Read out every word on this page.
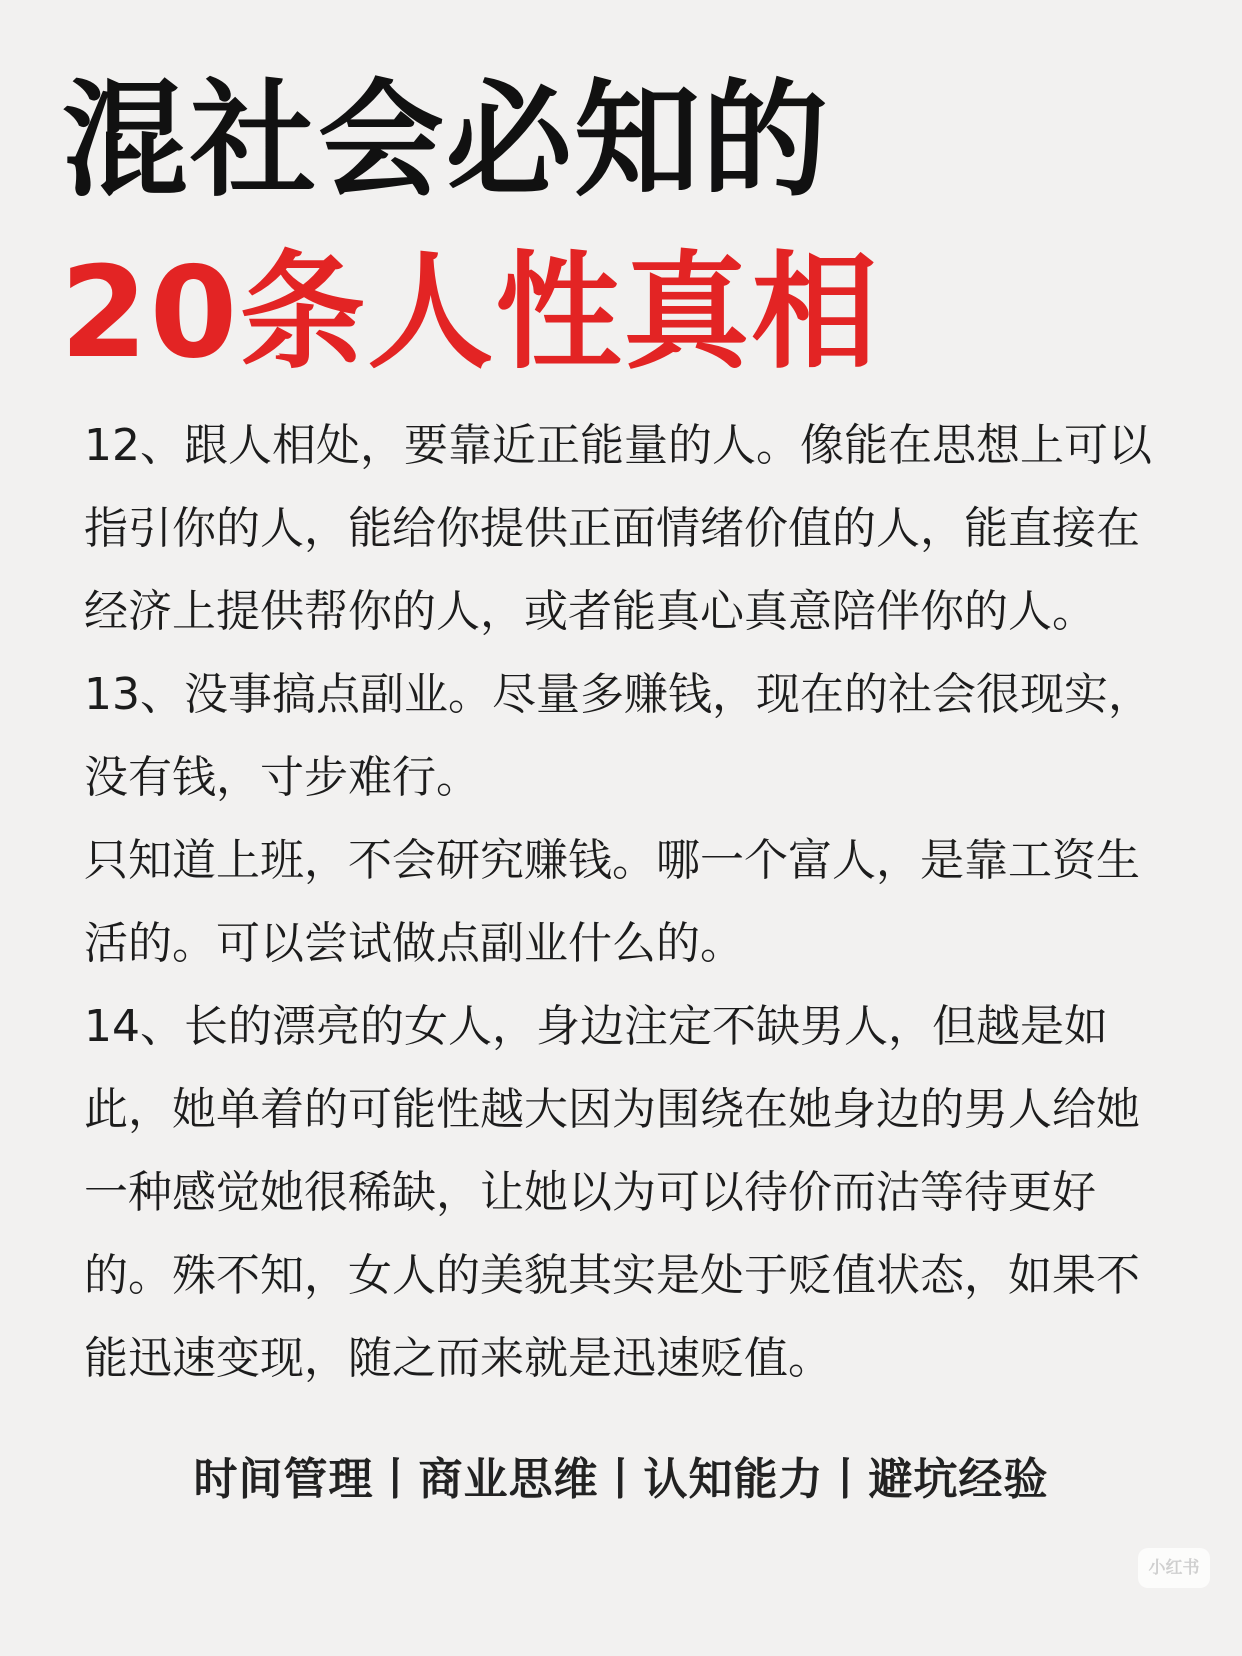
混社会必知的
20条人性真相

12、跟人相处，要靠近正能量的人。像能在思想上可以指引你的人，能给你提供正面情绪价值的人，能直接在经济上提供帮你的人，或者能真心真意陪伴你的人。

13、没事搞点副业。尽量多赚钱，现在的社会很现实，没有钱，寸步难行。

只知道上班，不会研究赚钱。哪一个富人，是靠工资生活的。可以尝试做点副业什么的。

14、长的漂亮的女人，身边注定不缺男人，但越是如此，她单着的可能性越大因为围绕在她身边的男人给她一种感觉她很稀缺，让她以为可以待价而沽等待更好的。殊不知，女人的美貌其实是处于贬值状态，如果不能迅速变现，随之而来就是迅速贬值。

时间管理丨商业思维丨认知能力丨避坑经验
小红书
